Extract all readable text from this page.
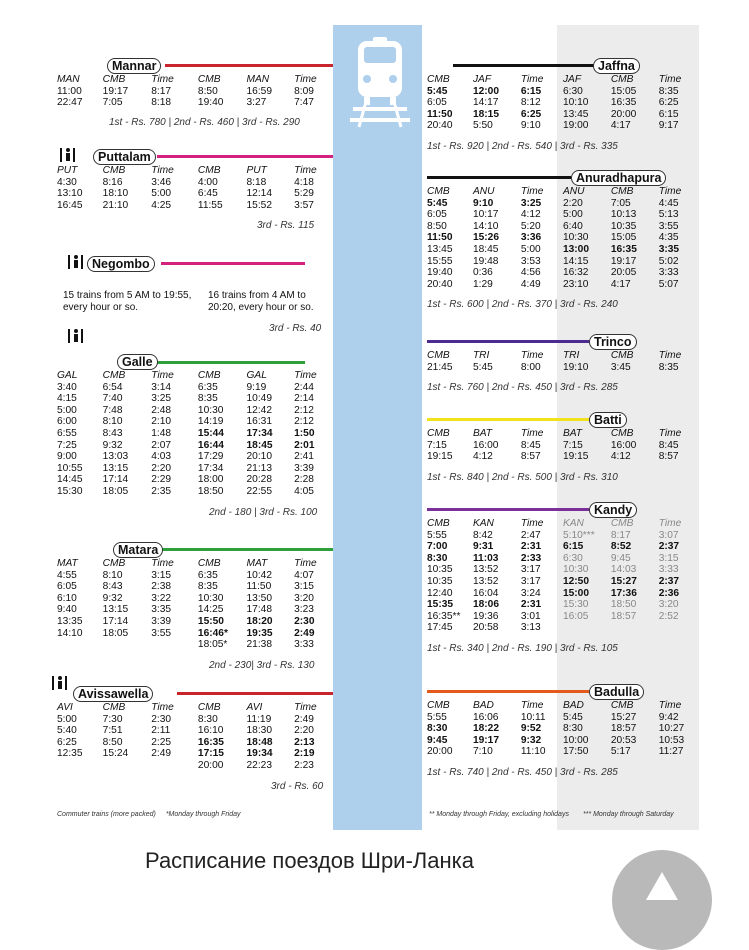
Mannar
MAN	CMB	Time	CMB	MAN	Time
11:00	19:17	8:17	8:50	16:59	8:09
22:47	7:05	8:18	19:40	3:27	7:47
1st - Rs. 780 | 2nd - Rs. 460 | 3rd - Rs. 290
Puttalam
PUT	CMB	Time	CMB	PUT	Time
4:30	8:16	3:46	4:00	8:18	4:18
13:10	18:10	5:00	6:45	12:14	5:29
16:45	21:10	4:25	11:55	15:52	3:57
3rd - Rs. 115
Negombo
15 trains from 5 AM to 19:55, every hour or so.
16 trains from 4 AM to 20:20, every hour or so.
3rd - Rs. 40
Galle
GAL	CMB	Time	CMB	GAL	Time
3:40	6:54	3:14	6:35	9:19	2:44
4:15	7:40	3:25	8:35	10:49	2:14
5:00	7:48	2:48	10:30	12:42	2:12
6:00	8:10	2:10	14:19	16:31	2:12
6:55	8:43	1:48	15:44	17:34	1:50
7:25	9:32	2:07	16:44	18:45	2:01
9:00	13:03	4:03	17:29	20:10	2:41
10:55	13:15	2:20	17:34	21:13	3:39
14:45	17:14	2:29	18:00	20:28	2:28
15:30	18:05	2:35	18:50	22:55	4:05
2nd - 180 | 3rd - Rs. 100
Matara
MAT	CMB	Time	CMB	MAT	Time
4:55	8:10	3:15	6:35	10:42	4:07
6:05	8:43	2:38	8:35	11:50	3:15
6:10	9:32	3:22	10:30	13:50	3:20
9:40	13:15	3:35	14:25	17:48	3:23
13:35	17:14	3:39	15:50	18:20	2:30
14:10	18:05	3:55	16:46*	19:35	2:49
18:05*	21:38	3:33
2nd - 230| 3rd - Rs. 130
Avissawella
AVI	CMB	Time	CMB	AVI	Time
5:00	7:30	2:30	8:30	11:19	2:49
5:40	7:51	2:11	16:10	18:30	2:20
6:25	8:50	2:25	16:35	18:48	2:13
12:35	15:24	2:49	17:15	19:34	2:19
20:00	22:23	2:23
3rd - Rs. 60
Commuter trains (more packed) *Monday through Friday
Jaffna
CMB	JAF	Time	JAF	CMB	Time
5:45	12:00	6:15	6:30	15:05	8:35
6:05	14:17	8:12	10:10	16:35	6:25
11:50	18:15	6:25	13:45	20:00	6:15
20:40	5:50	9:10	19:00	4:17	9:17
1st - Rs. 920 | 2nd - Rs. 540 | 3rd - Rs. 335
Anuradhapura
CMB	ANU	Time	ANU	CMB	Time
5:45	9:10	3:25	2:20	7:05	4:45
6:05	10:17	4:12	5:00	10:13	5:13
8:50	14:10	5:20	6:40	10:35	3:55
11:50	15:26	3:36	10:30	15:05	4:35
13:45	18:45	5:00	13:00	16:35	3:35
15:55	19:48	3:53	14:15	19:17	5:02
19:40	0:36	4:56	16:32	20:05	3:33
20:40	1:29	4:49	23:10	4:17	5:07
1st - Rs. 600 | 2nd - Rs. 370 | 3rd - Rs. 240
Trinco
CMB	TRI	Time	TRI	CMB	Time
21:45	5:45	8:00	19:10	3:45	8:35
1st - Rs. 760 | 2nd - Rs. 450 | 3rd - Rs. 285
Batti
CMB	BAT	Time	BAT	CMB	Time
7:15	16:00	8:45	7:15	16:00	8:45
19:15	4:12	8:57	19:15	4:12	8:57
1st - Rs. 840 | 2nd - Rs. 500 | 3rd - Rs. 310
Kandy
CMB	KAN	Time	KAN	CMB	Time
5:55	8:42	2:47	5:10***	8:17	3:07
7:00	9:31	2:31	6:15	8:52	2:37
8:30	11:03	2:33	6:30	9:45	3:15
10:35	13:52	3:17	10:30	14:03	3:33
10:35	13:52	3:17	12:50	15:27	2:37
12:40	16:04	3:24	15:00	17:36	2:36
15:35	18:06	2:31	15:30	18:50	3:20
16:35**	19:36	3:01	16:05	18:57	2:52
17:45	20:58	3:13
1st - Rs. 340 | 2nd - Rs. 190 | 3rd - Rs. 105
Badulla
CMB	BAD	Time	BAD	CMB	Time
5:55	16:06	10:11	5:45	15:27	9:42
8:30	18:22	9:52	8:30	18:57	10:27
9:45	19:17	9:32	10:00	20:53	10:53
20:00	7:10	11:10	17:50	5:17	11:27
1st - Rs. 740 | 2nd - Rs. 450 | 3rd - Rs. 285
** Monday through Friday, excluding holidays *** Monday through Saturday
Расписание поездов Шри-Ланка
